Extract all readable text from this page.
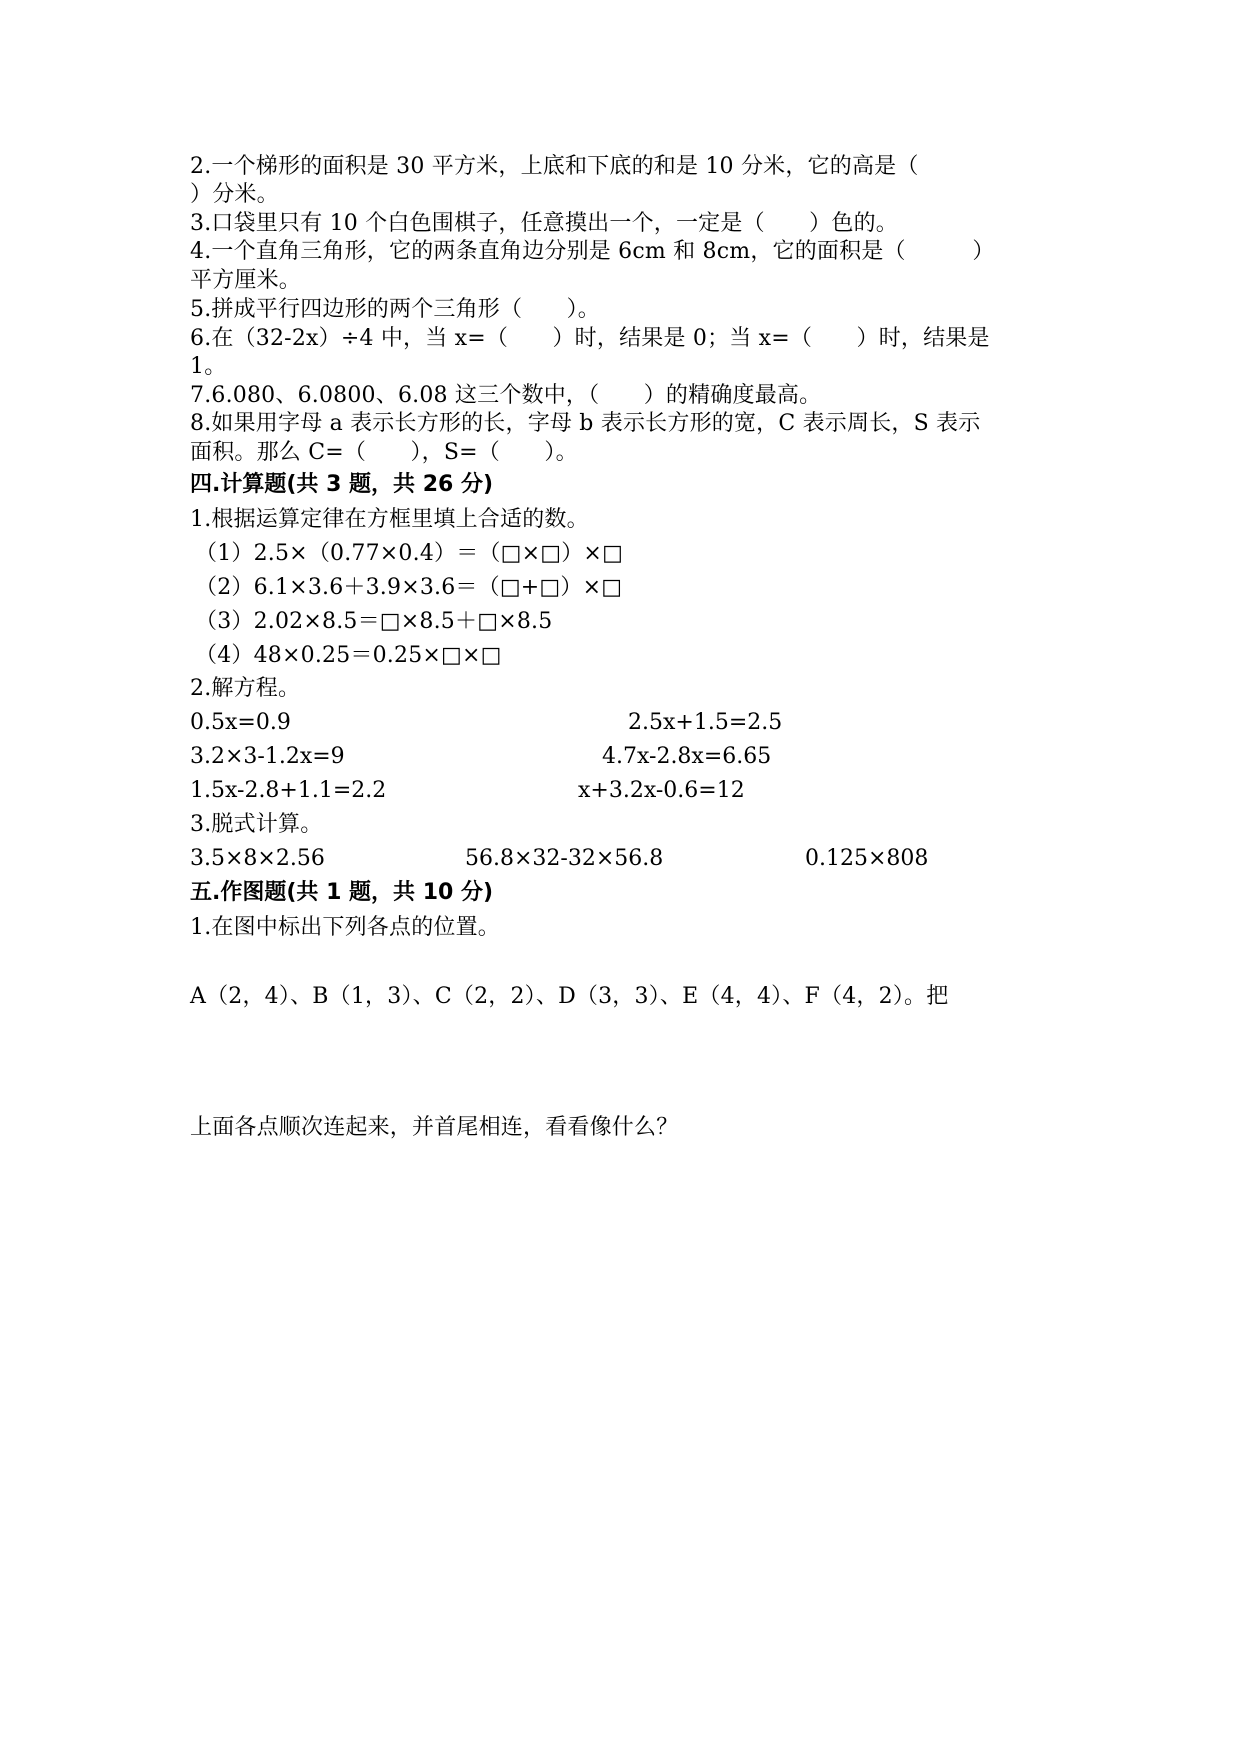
2.一个梯形的面积是 30 平方米，上底和下底的和是 10 分米，它的高是（
）分米。
3.口袋里只有 10 个白色围棋子，任意摸出一个，一定是（　　）色的。
4.一个直角三角形，它的两条直角边分别是 6cm 和 8cm，它的面积是（　　　）
平方厘米。
5.拼成平行四边形的两个三角形（　　）。
6.在（32-2x）÷4 中，当 x=（　　）时，结果是 0；当 x=（　　）时，结果是
1。
7.6.080、6.0800、6.08 这三个数中，（　　）的精确度最高。
8.如果用字母 a 表示长方形的长，字母 b 表示长方形的宽，C 表示周长，S 表示
面积。那么 C=（　　），S=（　　）。
四.计算题(共 3 题，共 26 分)
1.根据运算定律在方框里填上合适的数。
（1）2.5×（0.77×0.4）＝（□×□）×□
（2）6.1×3.6＋3.9×3.6＝（□+□）×□
（3）2.02×8.5＝□×8.5＋□×8.5
（4）48×0.25＝0.25×□×□
2.解方程。
0.5x=0.9	2.5x+1.5=2.5
3.2×3-1.2x=9	4.7x-2.8x=6.65
1.5x-2.8+1.1=2.2	x+3.2x-0.6=12
3.脱式计算。
3.5×8×2.56	56.8×32-32×56.8	0.125×808
五.作图题(共 1 题，共 10 分)
1.在图中标出下列各点的位置。
A（2，4）、B（1，3）、C（2，2）、D（3，3）、E（4，4）、F（4，2）。把
上面各点顺次连起来，并首尾相连，看看像什么？
